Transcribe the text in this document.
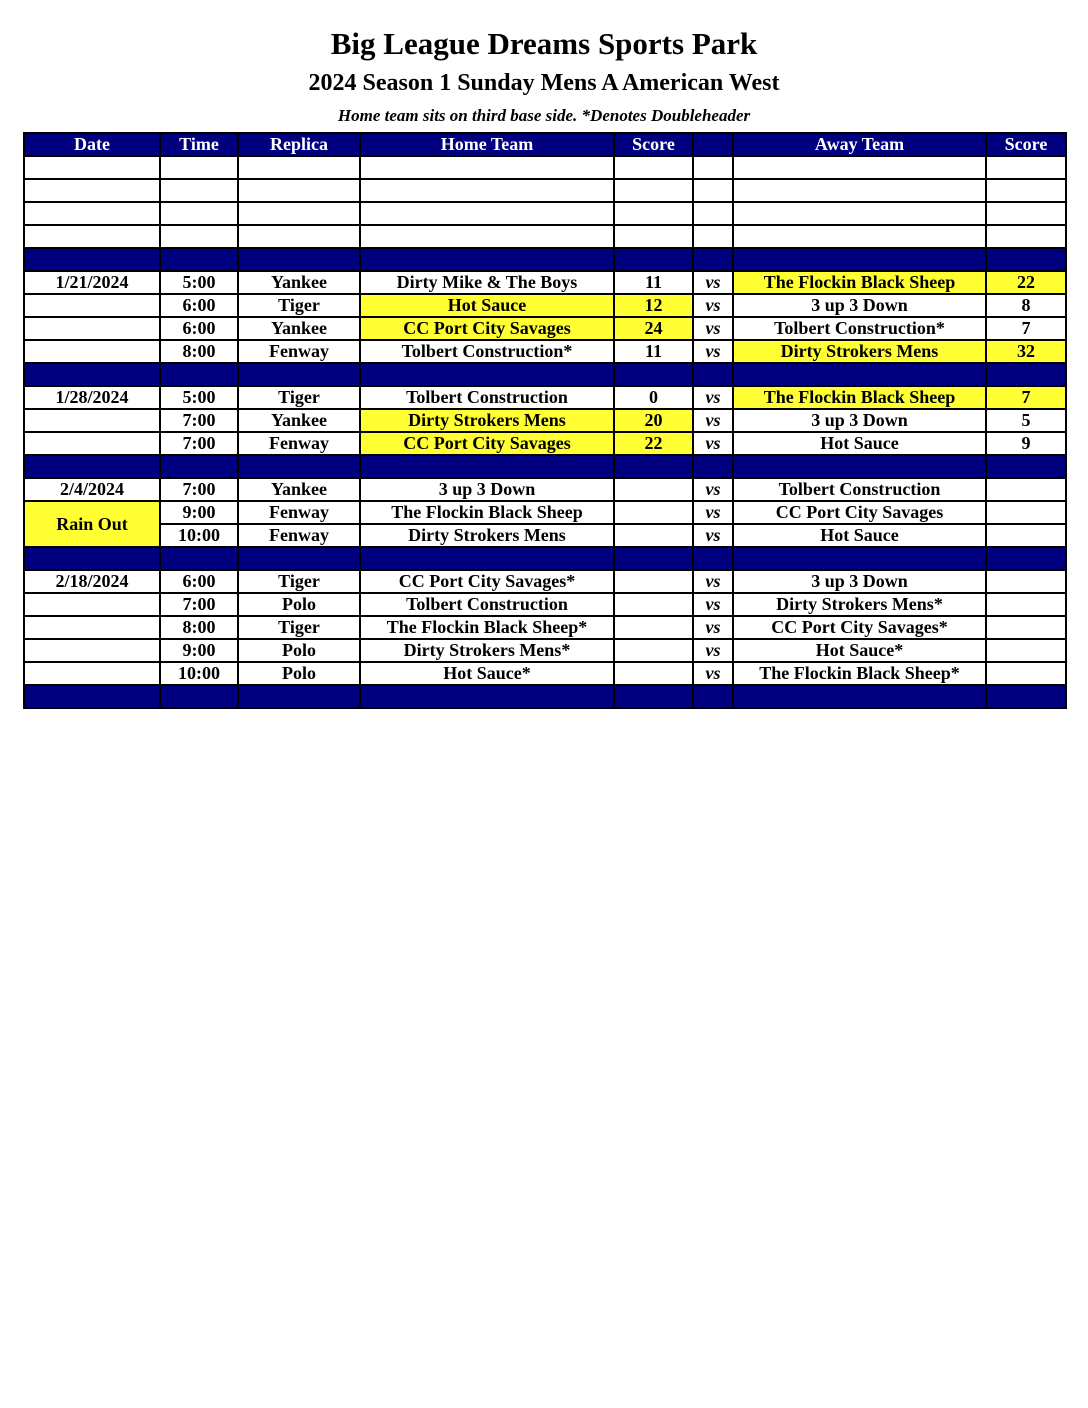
Big League Dreams Sports Park
2024 Season 1 Sunday Mens A American West
Home team sits on third base side. *Denotes Doubleheader
Date	Time	Replica	Home Team	Score		Away Team	Score

1/21/2024	5:00	Yankee	Dirty Mike & The Boys	11	vs	The Flockin Black Sheep	22
	6:00	Tiger	Hot Sauce	12	vs	3 up 3 Down	8
	6:00	Yankee	CC Port City Savages	24	vs	Tolbert Construction*	7
	8:00	Fenway	Tolbert Construction*	11	vs	Dirty Strokers Mens	32

1/28/2024	5:00	Tiger	Tolbert Construction	0	vs	The Flockin Black Sheep	7
	7:00	Yankee	Dirty Strokers Mens	20	vs	3 up 3 Down	5
	7:00	Fenway	CC Port City Savages	22	vs	Hot Sauce	9

2/4/2024	7:00	Yankee	3 up 3 Down		vs	Tolbert Construction	
Rain Out	9:00	Fenway	The Flockin Black Sheep		vs	CC Port City Savages	
	10:00	Fenway	Dirty Strokers Mens		vs	Hot Sauce	

2/18/2024	6:00	Tiger	CC Port City Savages*		vs	3 up 3 Down	
	7:00	Polo	Tolbert Construction		vs	Dirty Strokers Mens*	
	8:00	Tiger	The Flockin Black Sheep*		vs	CC Port City Savages*	
	9:00	Polo	Dirty Strokers Mens*		vs	Hot Sauce*	
	10:00	Polo	Hot Sauce*		vs	The Flockin Black Sheep*	
